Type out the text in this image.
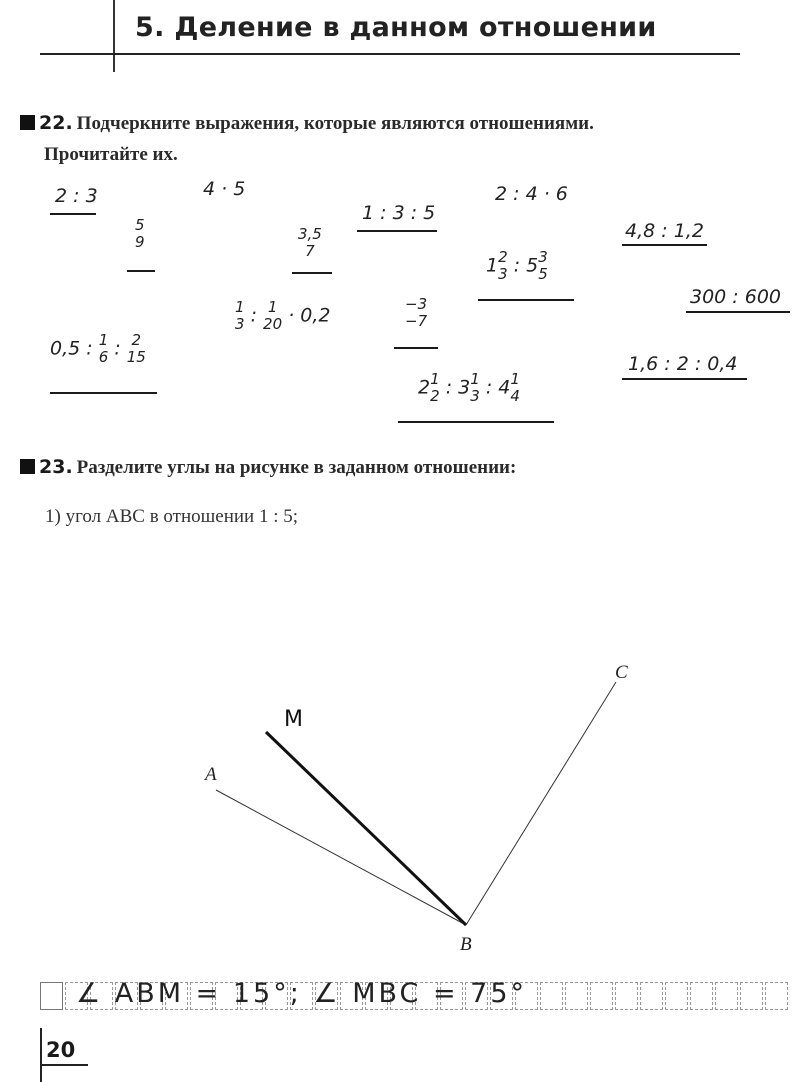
5. Деление в данном отношении
22. Подчеркните выражения, которые являются отношениями.
Прочитайте их.
2 : 3	4 · 5
5
9
1 : 3 : 5
3,5
7
2 : 4 · 6
4,8 : 1,2
1 2
3 : 5 3
5
1
3 : 1
20 · 0,2
−3
−7
300 : 600
0,5 : 1
6 : 2
15	1,6 : 2 : 0,4
2 1
2 : 3 1
3 : 4 1
4
23. Разделите углы на рисунке в заданном отношении:
1) угол ABC в отношении 1 : 5;
A
C
B
M
∠ ABM = 15°; ∠ MBC = 75°
20
